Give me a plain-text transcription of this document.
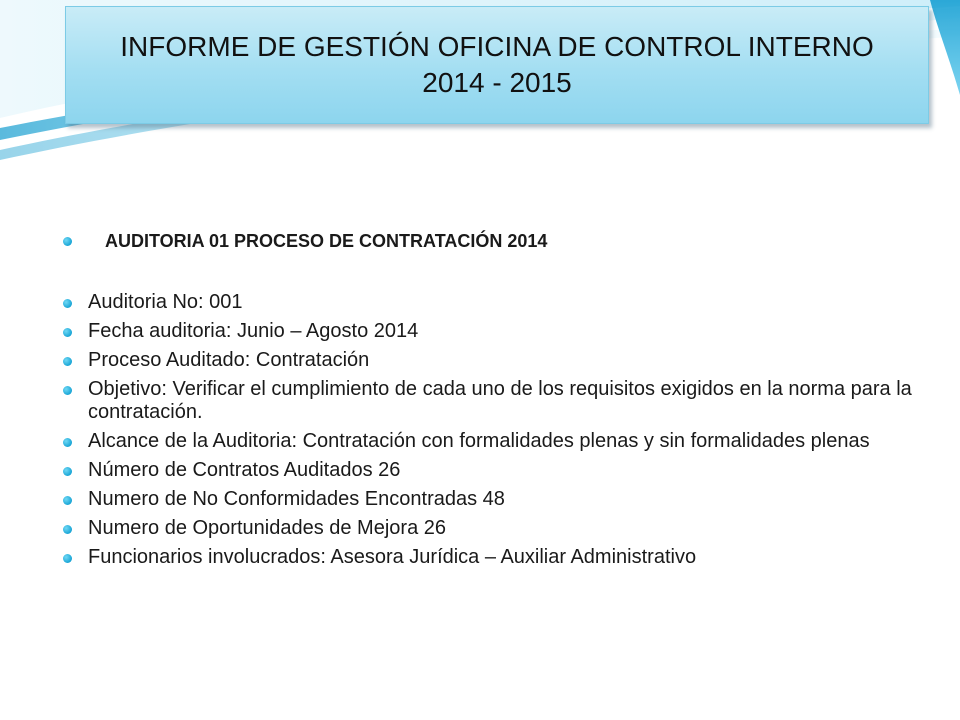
INFORME DE GESTIÓN OFICINA DE CONTROL INTERNO
2014 - 2015
AUDITORIA 01 PROCESO DE CONTRATACIÓN 2014
Auditoria No: 001
Fecha auditoria: Junio – Agosto 2014
Proceso Auditado: Contratación
Objetivo: Verificar el cumplimiento de cada uno de los requisitos exigidos en la norma para la contratación.
Alcance de la Auditoria: Contratación con formalidades plenas y sin formalidades plenas
Número de Contratos Auditados 26
Numero de No Conformidades Encontradas 48
Numero de Oportunidades de Mejora 26
Funcionarios involucrados: Asesora Jurídica – Auxiliar Administrativo
